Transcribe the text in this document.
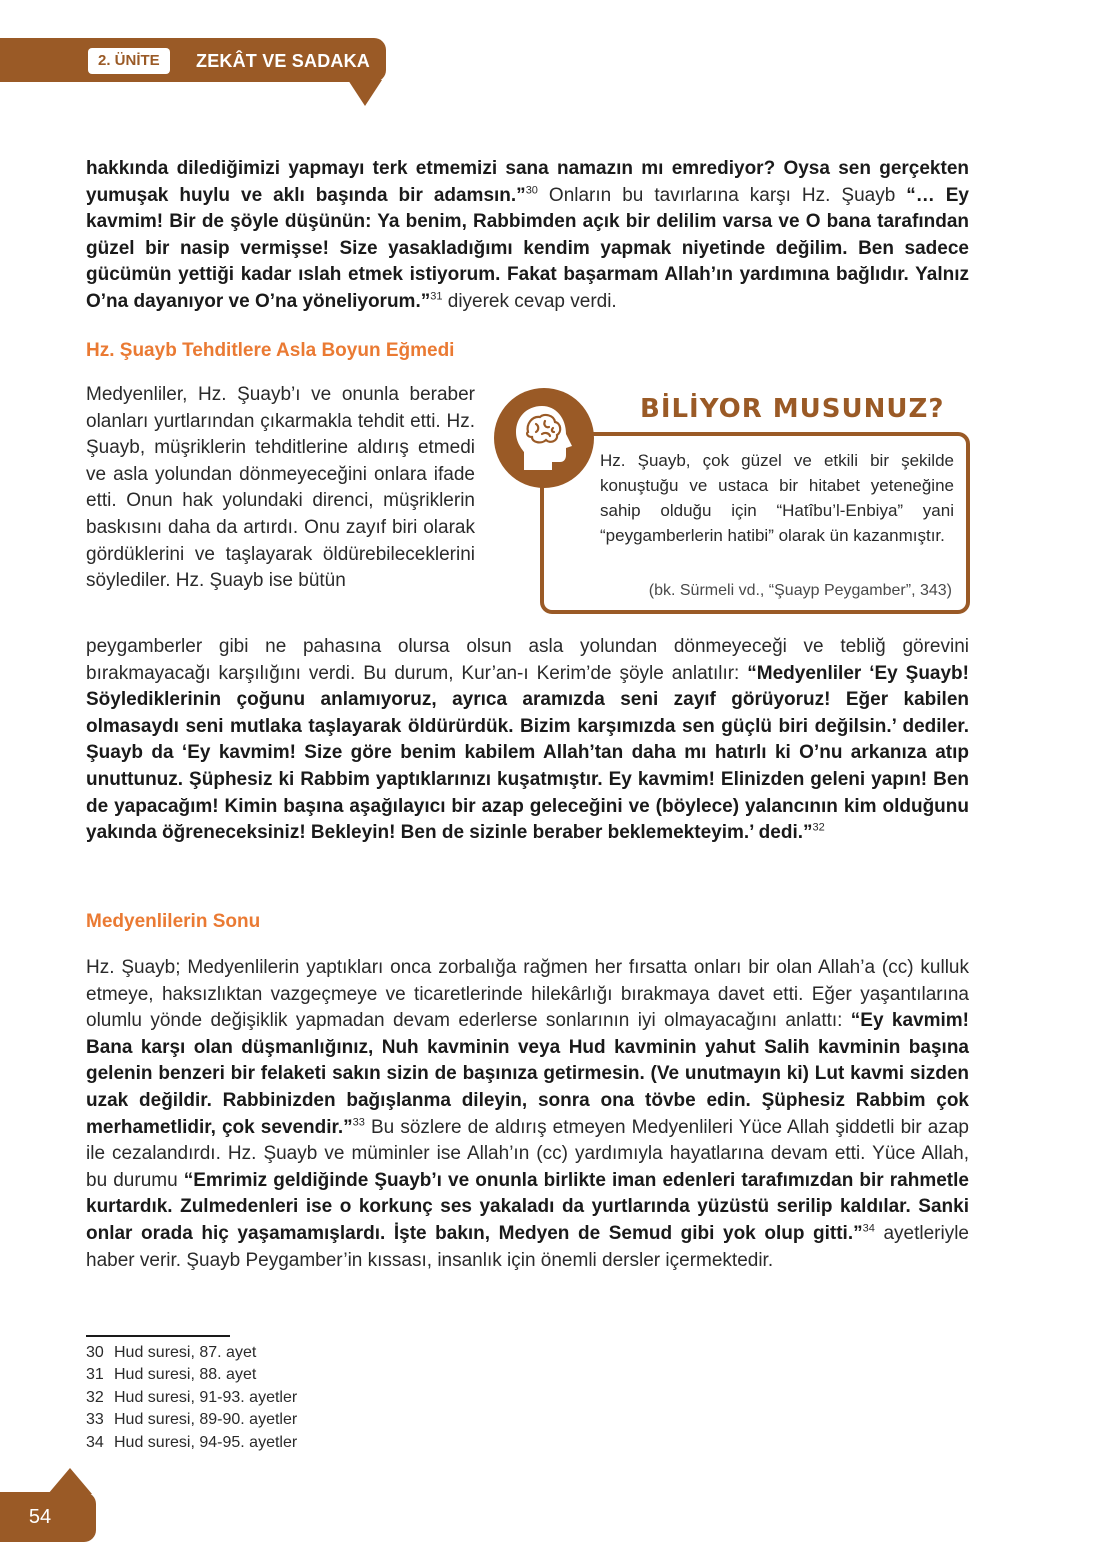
2. ÜNİTE	ZEKÂT VE SADAKA
hakkında dilediğimizi yapmayı terk etmemizi sana namazın mı emrediyor? Oysa sen gerçekten yumuşak huylu ve aklı başında bir adamsın.”$^{30}$ Onların bu tavırlarına karşı Hz. Şuayb “… Ey kavmim! Bir de şöyle düşünün: Ya benim, Rabbimden açık bir delilim varsa ve O bana tarafından güzel bir nasip vermişse! Size yasakladığımı kendim yapmak niyetinde değilim. Ben sadece gücümün yettiği kadar ıslah etmek istiyorum. Fakat başarmam Allah’ın yardımına bağlıdır. Yalnız O’na dayanıyor ve O’na yöneliyorum.”$^{31}$ diyerek cevap verdi.
Hz. Şuayb Tehditlere Asla Boyun Eğmedi
Medyenliler, Hz. Şuayb’ı ve onunla beraber olanları yurtlarından çıkarmakla tehdit etti. Hz. Şuayb, müşriklerin tehditlerine aldırış etmedi ve asla yolundan dönmeyeceğini onlara ifade etti. Onun hak yolundaki direnci, müşriklerin baskısını daha da artırdı. Onu zayıf biri olarak gördüklerini ve taşlayarak öldürebileceklerini söylediler. Hz. Şuayb ise bütün
BİLİYOR MUSUNUZ?
Hz. Şuayb, çok güzel ve etkili bir şekilde konuştuğu ve ustaca bir hitabet yeteneğine sahip olduğu için “Hatîbu’l-Enbiya” yani “peygamberlerin hatibi” olarak ün kazanmıştır.
(bk. Sürmeli vd., “Şuayp Peygamber”, 343)
peygamberler gibi ne pahasına olursa olsun asla yolundan dönmeyeceği ve tebliğ görevini bırakmayacağı karşılığını verdi. Bu durum, Kur’an-ı Kerim’de şöyle anlatılır: “Medyenliler ‘Ey Şuayb! Söylediklerinin çoğunu anlamıyoruz, ayrıca aramızda seni zayıf görüyoruz! Eğer kabilen olmasaydı seni mutlaka taşlayarak öldürürdük. Bizim karşımızda sen güçlü biri değilsin.’ dediler. Şuayb da ‘Ey kavmim! Size göre benim kabilem Allah’tan daha mı hatırlı ki O’nu arkanıza atıp unuttunuz. Şüphesiz ki Rabbim yaptıklarınızı kuşatmıştır. Ey kavmim! Elinizden geleni yapın! Ben de yapacağım! Kimin başına aşağılayıcı bir azap geleceğini ve (böylece) yalancının kim olduğunu yakında öğreneceksiniz! Bekleyin! Ben de sizinle beraber beklemekteyim.’ dedi.”$^{32}$
Medyenlilerin Sonu
Hz. Şuayb; Medyenlilerin yaptıkları onca zorbalığa rağmen her fırsatta onları bir olan Allah’a (cc) kulluk etmeye, haksızlıktan vazgeçmeye ve ticaretlerinde hilekârlığı bırakmaya davet etti. Eğer yaşantılarına olumlu yönde değişiklik yapmadan devam ederlerse sonlarının iyi olmayacağını anlattı: “Ey kavmim! Bana karşı olan düşmanlığınız, Nuh kavminin veya Hud kavminin yahut Salih kavminin başına gelenin benzeri bir felaketi sakın sizin de başınıza getirmesin. (Ve unutmayın ki) Lut kavmi sizden uzak değildir. Rabbinizden bağışlanma dileyin, sonra ona tövbe edin. Şüphesiz Rabbim çok merhametlidir, çok sevendir.”$^{33}$ Bu sözlere de aldırış etmeyen Medyenlileri Yüce Allah şiddetli bir azap ile cezalandırdı. Hz. Şuayb ve müminler ise Allah’ın (cc) yardımıyla hayatlarına devam etti. Yüce Allah, bu durumu “Emrimiz geldiğinde Şuayb’ı ve onunla birlikte iman edenleri tarafımızdan bir rahmetle kurtardık. Zulmedenleri ise o korkunç ses yakaladı da yurtlarında yüzüstü serilip kaldılar. Sanki onlar orada hiç yaşamamışlardı. İşte bakın, Medyen de Semud gibi yok olup gitti.”$^{34}$ ayetleriyle haber verir. Şuayb Peygamber’in kıssası, insanlık için önemli dersler içermektedir.
30 Hud suresi, 87. ayet
31 Hud suresi, 88. ayet
32 Hud suresi, 91-93. ayetler
33 Hud suresi, 89-90. ayetler
34 Hud suresi, 94-95. ayetler
54
